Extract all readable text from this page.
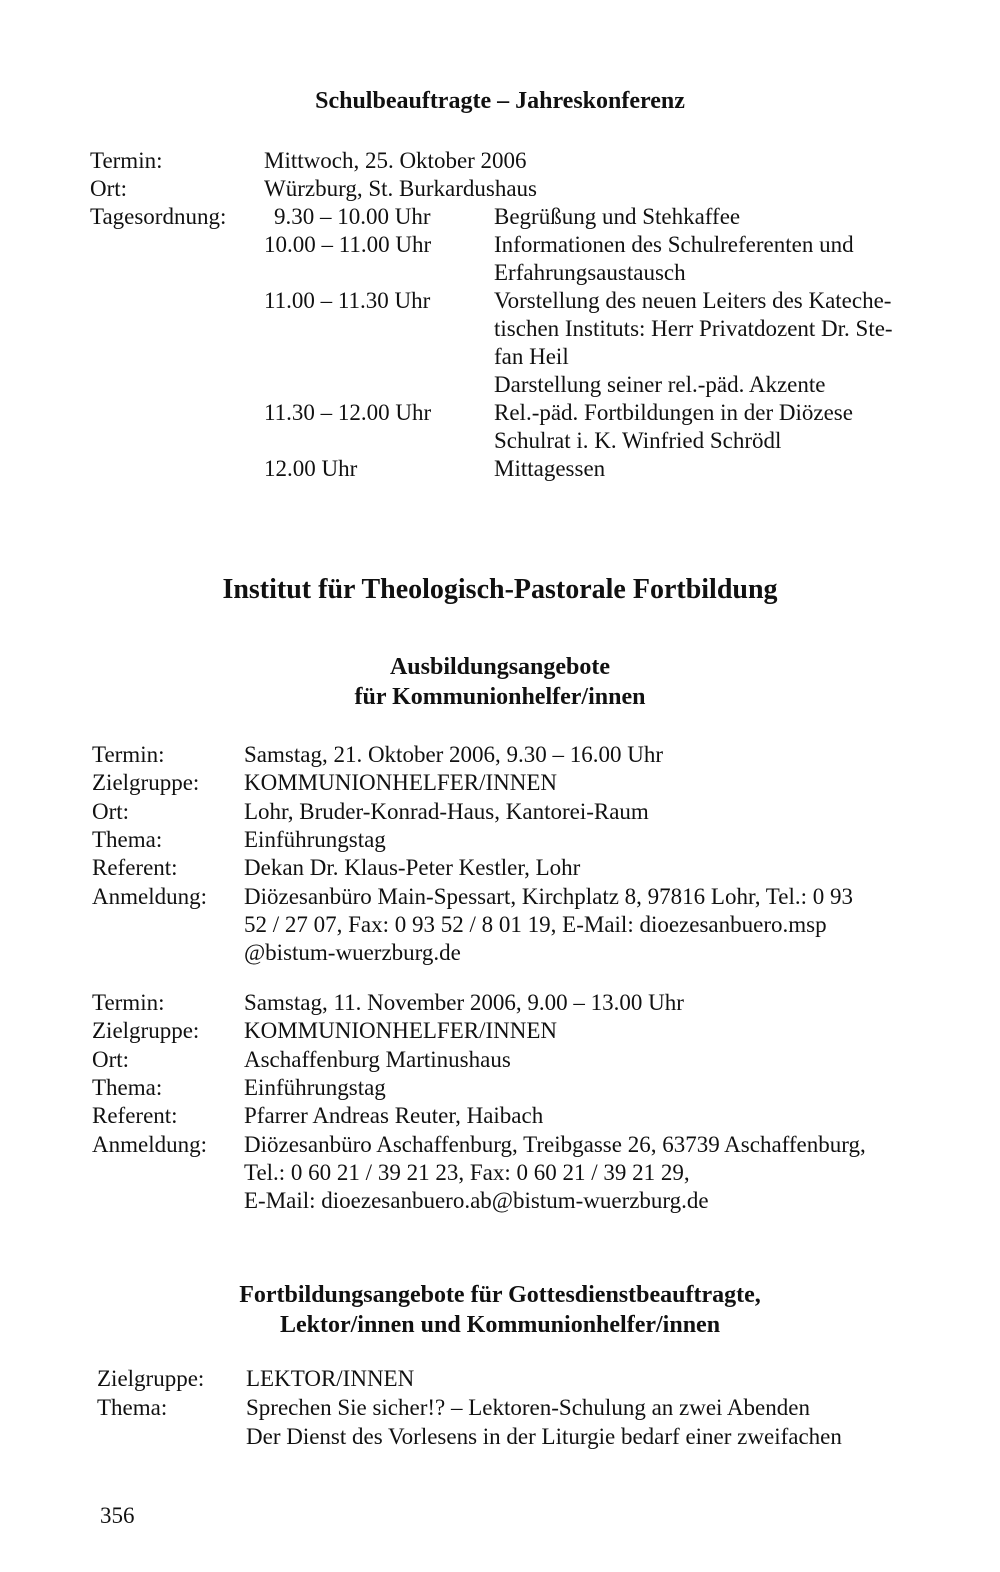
Schulbeauftragte – Jahreskonferenz
Termin:	Mittwoch, 25. Oktober 2006
Ort:	Würzburg, St. Burkardushaus
Tagesordnung: 9.30 – 10.00 Uhr	Begrüßung und Stehkaffee
10.00 – 11.00 Uhr	Informationen des Schulreferenten und
Erfahrungsaustausch
11.00 – 11.30 Uhr	Vorstellung des neuen Leiters des Kateche-
tischen Instituts: Herr Privatdozent Dr. Ste-
fan Heil
Darstellung seiner rel.-päd. Akzente
11.30 – 12.00 Uhr	Rel.-päd. Fortbildungen in der Diözese
Schulrat i. K. Winfried Schrödl
12.00 Uhr	Mittagessen
Institut für Theologisch-Pastorale Fortbildung
Ausbildungsangebote
für Kommunionhelfer/innen
Termin:	Samstag, 21. Oktober 2006, 9.30 – 16.00 Uhr
Zielgruppe: KOMMUNIONHELFER/INNEN
Ort:	Lohr, Bruder-Konrad-Haus, Kantorei-Raum
Thema:	Einführungstag
Referent:	Dekan Dr. Klaus-Peter Kestler, Lohr
Anmeldung: Diözesanbüro Main-Spessart, Kirchplatz 8, 97816 Lohr, Tel.: 0 93
52 / 27 07, Fax: 0 93 52 / 8 01 19, E-Mail: dioezesanbuero.msp
@bistum-wuerzburg.de
Termin:	Samstag, 11. November 2006, 9.00 – 13.00 Uhr
Zielgruppe: KOMMUNIONHELFER/INNEN
Ort:	Aschaffenburg Martinushaus
Thema:	Einführungstag
Referent:	Pfarrer Andreas Reuter, Haibach
Anmeldung: Diözesanbüro Aschaffenburg, Treibgasse 26, 63739 Aschaffenburg,
Tel.: 0 60 21 / 39 21 23, Fax: 0 60 21 / 39 21 29,
E-Mail: dioezesanbuero.ab@bistum-wuerzburg.de
Fortbildungsangebote für Gottesdienstbeauftragte,
Lektor/innen und Kommunionhelfer/innen
Zielgruppe: LEKTOR/INNEN
Thema:	Sprechen Sie sicher!? – Lektoren-Schulung an zwei Abenden
Der Dienst des Vorlesens in der Liturgie bedarf einer zweifachen
356
